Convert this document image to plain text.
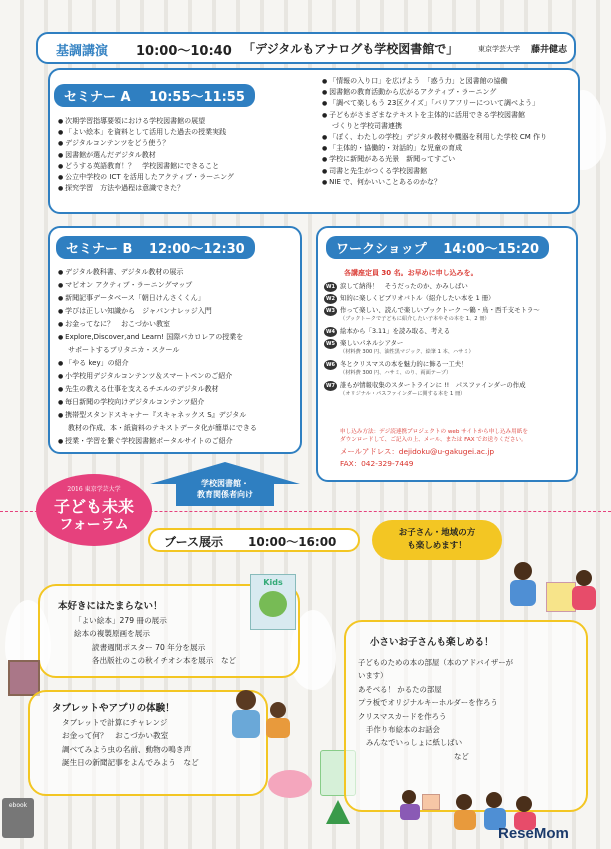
基調講演 10:00〜10:40 「デジタルもアナログも学校図書館で」	東京学芸大学 藤井健志
セミナー A 10:55〜11:55
● 次期学習指導要領における学校図書館の展望
● 「よい絵本」を資料として活用した過去の授業実践
● デジタルコンテンツをどう使う？
● 図書館が選んだデジタル教材
● どうする英語教育！？　学校図書館にできること
● 公立中学校の ICT を活用したアクティブ・ラーニング
● 探究学習　方法や過程は意識できた？
● 「情報の入り口」を広げよう　「惑う力」と図書館の協働
● 図書館の教育活動から広がるアクティブ・ラーニング
● 「調べて楽しもう 23区クイズ」「バリアフリーについて調べよう」
● 子どもがさまざまなテキストを主体的に活用できる学校図書館
づくりと学校司書連携
● 「ぼく、わたしの学校」デジタル教材や機器を利用した学校 CM 作り
● 「主体的・協働的・対話的」な児童の育成
● 学校に新聞がある光景　新聞ってすごい
● 司書と先生がつくる学校図書館
● NIE で、何かいいことあるのかな？
セミナー B 12:00〜12:30
● デジタル教科書、デジタル教材の展示
● マピオン アクティブ・ラーニングマップ
● 新聞記事データベース「朝日けんさくくん」
● 学びは正しい知識から　ジャパンナレッジ入門
● お金ってなに？　おこづかい教室
● Explore,Discover,and Learn! 国際バカロレアの授業を
サポートするブリタニカ・スクール
● 「やる key」の紹介
● 小学校用デジタルコンテンツ＆スマートペンのご紹介
● 先生の教える仕事を支えるチエルのデジタル教材
● 毎日新聞の学校向けデジタルコンテンツ紹介
● 携帯型スタンドスキャナー『スキャネックス S』デジタル
教材の作成、本・紙資料のテキストデータ化が簡単にできる
● 授業・学習を繋ぐ学校図書館ポータルサイトのご紹介
ワークショップ 14:00〜15:20
各講座定員 30 名。お早めに申し込みを。
W1 涙して納得！　そうだったのか、かみしばい
W2 知的に楽しくビブリオバトル（紹介したい本を 1 冊）
W3 作って楽しい、読んで楽しいブックトーク 〜鶴・鳥・西千支モトラ〜
（ブックトークで子どもに紹介したい子本やその本を 1、2 冊）
W4 絵本から「3.11」を読み取る、考える
W5 楽しいパネルシアター
（材料費 300 円、油性黒マジック、絵筆 1 本、ハサミ）
W6 冬とクリスマスの本を魅力的に飾る一工夫！
（材料費 300 円、ハサミ、のり、両面テープ）
W7 誰もが情報収集のスタートラインに !!　パスファインダーの作成
（オリジナル・パスファインダーに関する本を 1 冊）
申し込み方法：デジ読連携プロジェクトの web サイトから申し込み用紙を
ダウンロードして、ご記入の上、メール、または FAX でお送りください。
メールアドレス：dejidoku@u-gakugei.ac.jp
FAX：042-329-7449
学校図書館・
教育関係者向け
2016 東京学芸大学
子ども未来
フォーラム
ブース展示 10:00〜16:00
お子さん・地域の方
も楽しめます！
本好きにはたまらない！
「よい絵本」279 冊の展示
絵本の複製原画を展示
読書週間ポスター 70 年分を展示
各出版社のこの秋イチオシ本を展示　など
Kids
タブレットやアプリの体験！
タブレットで計算にチャレンジ
お金って何？　おこづかい教室
調べてみよう虫の名前、動物の鳴き声
誕生日の新聞記事をよんでみよう　など
ebook
小さいお子さんも楽しめる！
子どものための本の部屋（本のアドバイザーが
います）
あそべる！ かるたの部屋
プラ板でオリジナルキーホルダーを作ろう
クリスマスカードを作ろう
手作り布絵本のお話会
みんなでいっしょに紙しばい
など
ReseMom
